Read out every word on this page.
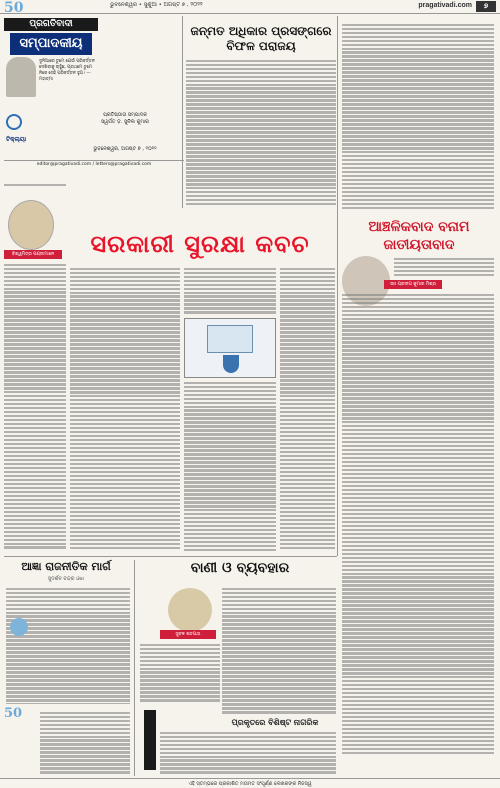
50	ଭୁବନେଶ୍ୱର • ସୁଣୁଆ • ଅଗଷ୍ଟ ୭ , ୨୦୨୨	pragativadi.com	୭
ପ୍ରଗତିବାଦୀ
ସମ୍ପାଦକୀୟ
ଦୁନିଆରେ ତୁମେ ଯେଉଁ ପରିବର୍ତ୍ତନ ଦେଖିବାକୁ ଚାହୁଁଛ, ପ୍ରଥମେ ତୁମେ ନିଜେ ସେହି ପରିବର୍ତ୍ତନ ହୁଅ। — ମହାତ୍ମା
ପ୍ରତିଷ୍ଠାତା ସମ୍ପାଦକ
ସ୍ୱର୍ଗତ ଡ଼. ସୁନିଲ କୁମାର
ଟିକ୍ଲ୍‌ୟା
ଭୁବନେଶ୍ୱର, ଅଗଷ୍ଟ ୭ , ୨୦୨୨
editor@pragativadi.com / letters@pragativadi.com
ଜନ୍‌ମତ ଅଧିକାର ପ୍ରସଙ୍ଗରେ ବିଫଳ ପରାଜୟ
ବିଶ୍ୱମିତ୍ର ପଣ୍ଡାମାନେ	ସରକାରୀ ସୁରକ୍ଷା କବଚ
ଆଞ୍ଚଳିକବାଦ ବନାମ ଜାତୀୟତାବାଦ
ଡାଃ ପ୍ରଦୀପ କୁମାର ମିଶ୍ର
ଆଜ୍ଞା ରାଜନୀତିକ ମାର୍ଗ
ସୁଦର୍ଶନ ଚନ୍ଦ୍ର ଓଝା
50
ବାଣୀ ଓ ବ୍ୟବହାର
ସୁବଳ ଶତପଥୀ
ପ୍ରକୃତରେ ବିଶିଷ୍ଟ ନାଗରିକ
ଏହି ସ୍ତମ୍ଭରେ ପ୍ରକାଶିତ ମତାମତ ସଂପୂର୍ଣ୍ଣ ଲେଖକଙ୍କ ନିଜସ୍ୱ
